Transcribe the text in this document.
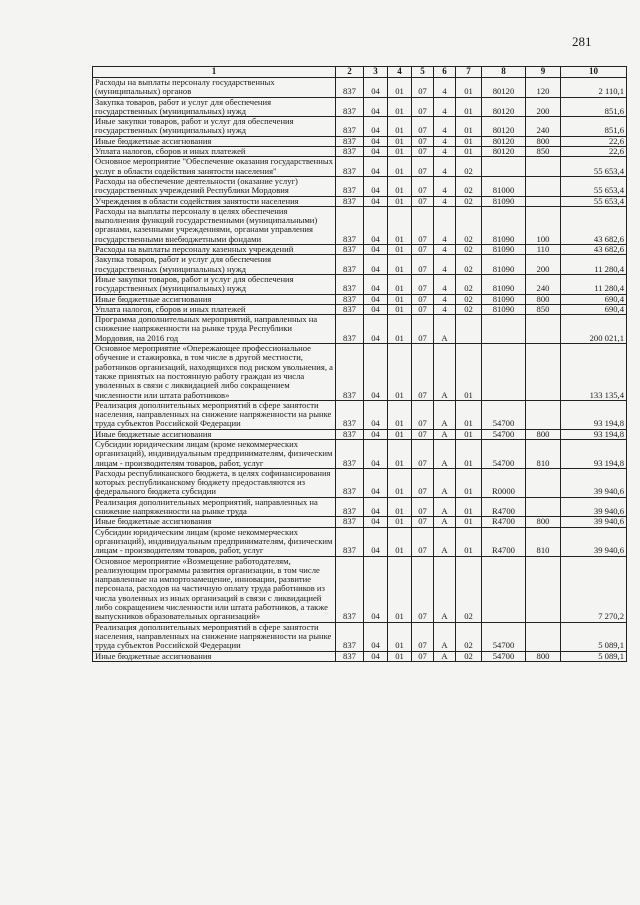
281
1	2	3	4	5	6	7	8	9	10
Расходы на выплаты персоналу государственных (муниципальных) органов	837	04	01	07	4	01	80120	120	2 110,1
Закупка товаров, работ и услуг для обеспечения государственных (муниципальных) нужд	837	04	01	07	4	01	80120	200	851,6
Иные закупки товаров, работ и услуг для обеспечения государственных (муниципальных) нужд	837	04	01	07	4	01	80120	240	851,6
Иные бюджетные ассигнования	837	04	01	07	4	01	80120	800	22,6
Уплата налогов, сборов и иных платежей	837	04	01	07	4	01	80120	850	22,6
Основное мероприятие "Обеспечение оказания государственных услуг в области содействия занятости населения"	837	04	01	07	4	02			55 653,4
Расходы на обеспечение деятельности (оказание услуг) государственных учреждений Республики Мордовия	837	04	01	07	4	02	81000		55 653,4
Учреждения в области содействия занятости населения	837	04	01	07	4	02	81090		55 653,4
Расходы на выплаты персоналу в целях обеспечения выполнения функций государственными (муниципальными) органами, казенными учреждениями, органами управления государственными внебюджетными фондами	837	04	01	07	4	02	81090	100	43 682,6
Расходы на выплаты персоналу казенных учреждений	837	04	01	07	4	02	81090	110	43 682,6
Закупка товаров, работ и услуг для обеспечения государственных (муниципальных) нужд	837	04	01	07	4	02	81090	200	11 280,4
Иные закупки товаров, работ и услуг для обеспечения государственных (муниципальных) нужд	837	04	01	07	4	02	81090	240	11 280,4
Иные бюджетные ассигнования	837	04	01	07	4	02	81090	800	690,4
Уплата налогов, сборов и иных платежей	837	04	01	07	4	02	81090	850	690,4
Программа дополнительных мероприятий, направленных на снижение напряженности на рынке труда Республики Мордовия, на 2016 год	837	04	01	07	А				200 021,1
Основное мероприятие «Опережающее профессиональное обучение и стажировка, в том числе в другой местности, работников организаций, находящихся под риском увольнения, а также принятых на постоянную работу граждан из числа уволенных в связи с ликвидацией либо сокращением численности или штата работников»	837	04	01	07	А	01			133 135,4
Реализация дополнительных мероприятий в сфере занятости населения, направленных на снижение напряженности на рынке труда субъектов Российской Федерации	837	04	01	07	А	01	54700		93 194,8
Иные бюджетные ассигнования	837	04	01	07	А	01	54700	800	93 194,8
Субсидии юридическим лицам (кроме некоммерческих организаций), индивидуальным предпринимателям, физическим лицам - производителям товаров, работ, услуг	837	04	01	07	А	01	54700	810	93 194,8
Расходы республиканского бюджета, в целях софинансирования которых республиканскому бюджету предоставляются из федерального бюджета субсидии	837	04	01	07	А	01	R0000		39 940,6
Реализация дополнительных мероприятий, направленных на снижение напряженности на рынке труда	837	04	01	07	А	01	R4700		39 940,6
Иные бюджетные ассигнования	837	04	01	07	А	01	R4700	800	39 940,6
Субсидии юридическим лицам (кроме некоммерческих организаций), индивидуальным предпринимателям, физическим лицам - производителям товаров, работ, услуг	837	04	01	07	А	01	R4700	810	39 940,6
Основное мероприятие «Возмещение работодателям, реализующим программы развития организации, в том числе направленные на импортозамещение, инновации, развитие персонала, расходов на частичную оплату труда работников из числа уволенных из иных организаций в связи с ликвидацией либо сокращением численности или штата работников, а также выпускников образовательных организаций»	837	04	01	07	А	02			7 270,2
Реализация дополнительных мероприятий в сфере занятости населения, направленных на снижение напряженности на рынке труда субъектов Российской Федерации	837	04	01	07	А	02	54700		5 089,1
Иные бюджетные ассигнования	837	04	01	07	А	02	54700	800	5 089,1
